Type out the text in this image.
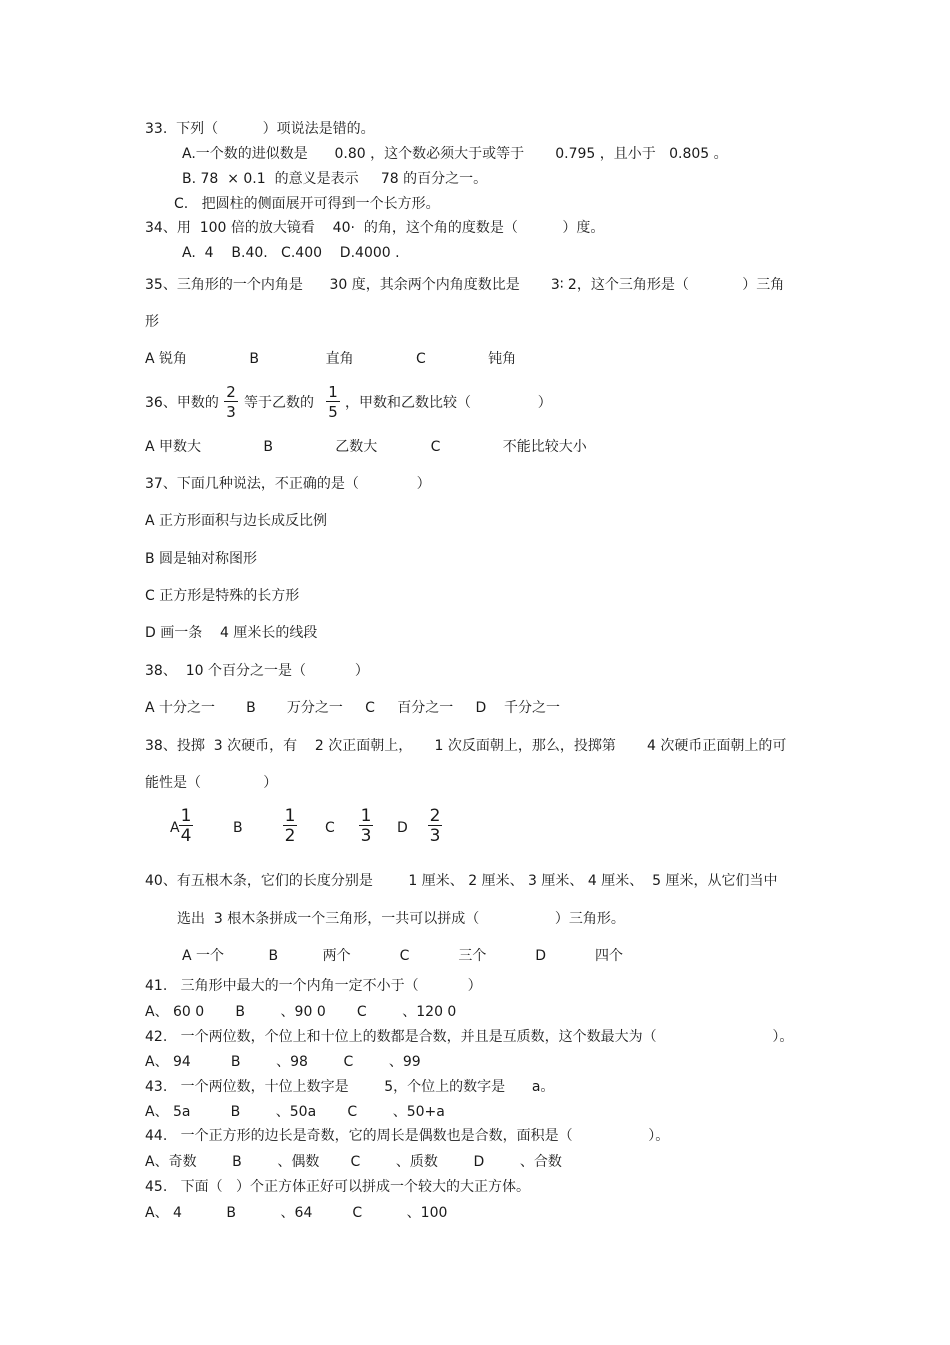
33.  下列（          ）项说法是错的。
A.一个数的进似数是      0.80 ，这个数必须大于或等于       0.795 ，且小于   0.805 。
B. 78  × 0.1  的意义是表示     78 的百分之一。
C.   把圆柱的侧面展开可得到一个长方形。
34、用  100 倍的放大镜看    40·  的角，这个角的度数是（          ）度。
A.  4    B.40.   C.400    D.4000 .
35、三角形的一个内角是      30 度，其余两个内角度数比是       3∶ 2，这个三角形是（            ）三角
形
A 锐角              B               直角              C              钝角
36、甲数的 $\frac{2}{3}$ 等于乙数的 $\frac{1}{5}$ ，甲数和乙数比较（               ）
A 甲数大              B              乙数大            C              不能比较大小
37、下面几种说法，不正确的是（             ）
A 正方形面积与边长成反比例
B 圆是轴对称图形
C 正方形是特殊的长方形
D 画一条    4 厘米长的线段
38、  10 个百分之一是（           ）
A 十分之一       B       万分之一     C     百分之一     D    千分之一
38、投掷  3 次硬币，有    2 次正面朝上，     1 次反面朝上，那么，投掷第       4 次硬币正面朝上的可
能性是（              ）
A $\frac{1}{4}$	B $\frac{1}{2}$ C $\frac{1}{3}$ D $\frac{2}{3}$
40、有五根木条，它们的长度分别是        1 厘米、 2 厘米、 3 厘米、 4 厘米、  5 厘米，从它们当中
选出  3 根木条拼成一个三角形，一共可以拼成（                 ）三角形。
A 一个          B          两个           C           三个           D           四个
41.   三角形中最大的一个内角一定不小于（           ）
A、 60 0       B        、90 0       C        、120 0
42.   一个两位数，个位上和十位上的数都是合数，并且是互质数，这个数最大为（                          ）。
A、 94         B        、98        C        、99
43.   一个两位数，十位上数字是        5，个位上的数字是      a。
A、 5a         B        、50a       C        、50+a
44.   一个正方形的边长是奇数，它的周长是偶数也是合数，面积是（                 ）。
A、奇数        B        、偶数       C        、质数        D        、合数
45.   下面（   ）个正方体正好可以拼成一个较大的大正方体。
A、 4          B          、64         C          、100
